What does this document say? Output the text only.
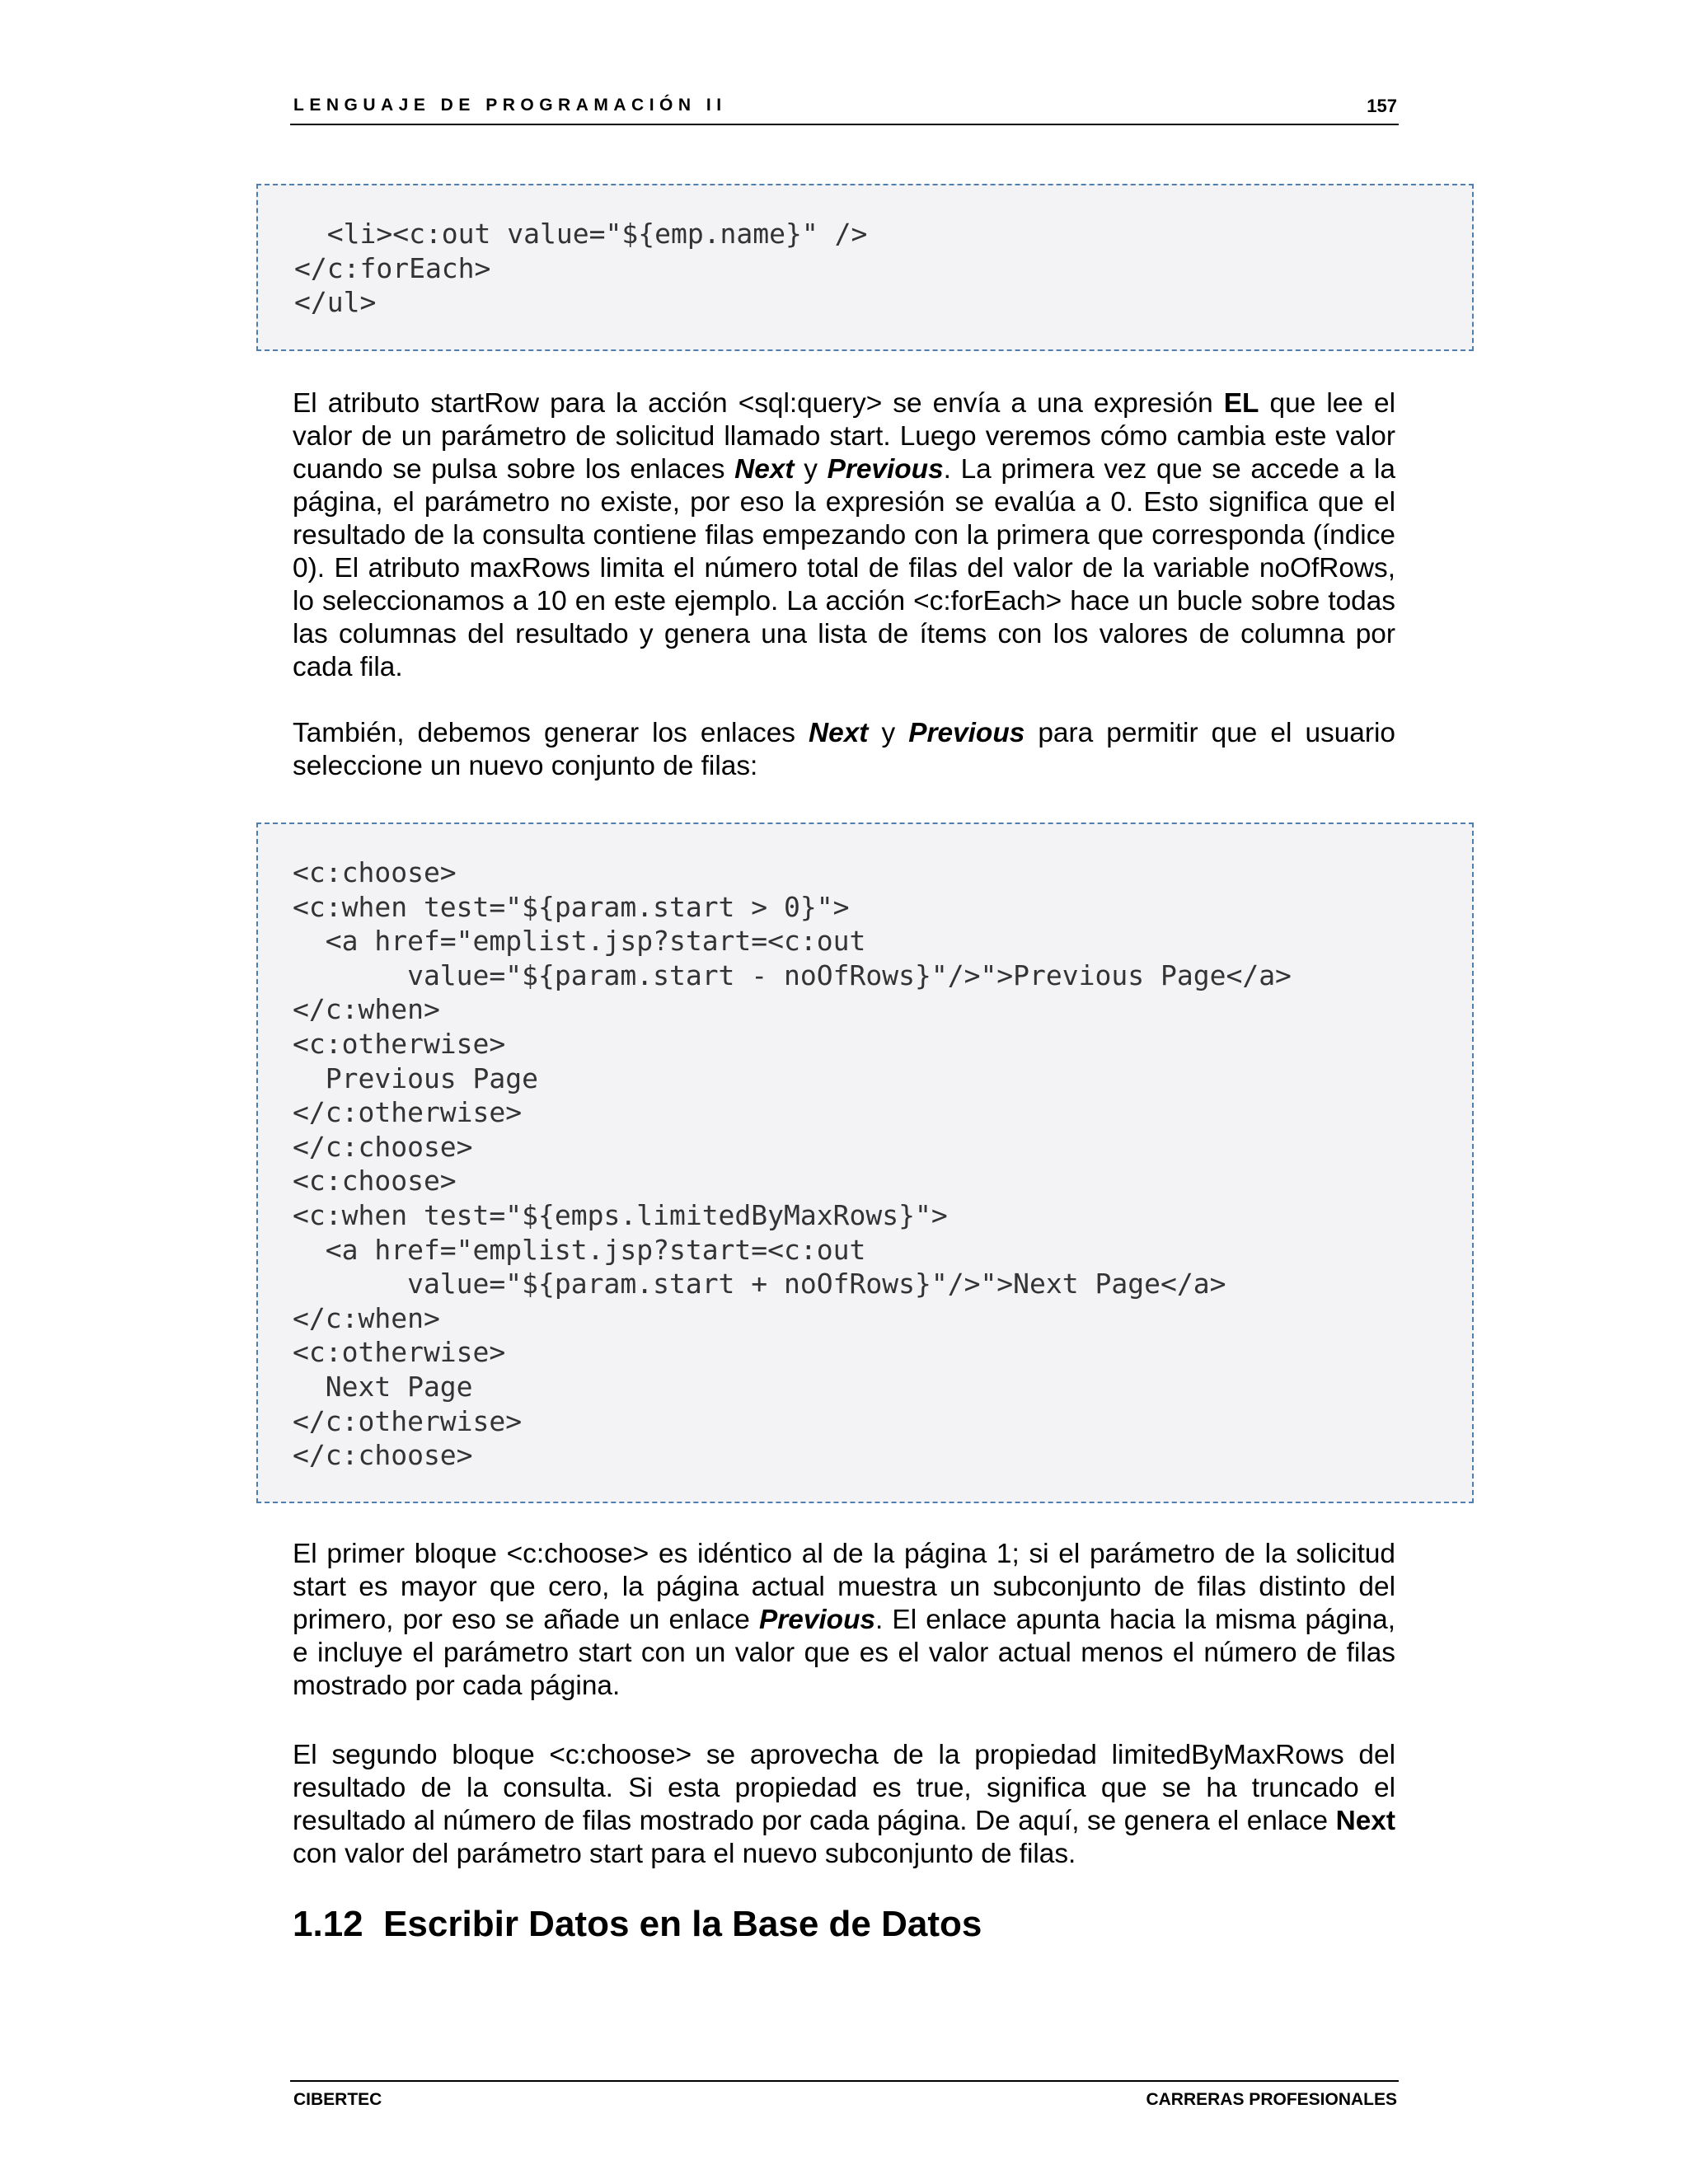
LENGUAJE DE PROGRAMACIÓN II	157
<li><c:out value="${emp.name}" />
</c:forEach>
</ul>

El atributo startRow para la acción <sql:query> se envía a una expresión EL que lee el valor de un parámetro de solicitud llamado start. Luego veremos cómo cambia este valor cuando se pulsa sobre los enlaces Next y Previous. La primera vez que se accede a la página, el parámetro no existe, por eso la expresión se evalúa a 0. Esto significa que el resultado de la consulta contiene filas empezando con la primera que corresponda (índice 0). El atributo maxRows limita el número total de filas del valor de la variable noOfRows, lo seleccionamos a 10 en este ejemplo. La acción <c:forEach> hace un bucle sobre todas las columnas del resultado y genera una lista de ítems con los valores de columna por cada fila.

También, debemos generar los enlaces Next y Previous para permitir que el usuario seleccione un nuevo conjunto de filas:

<c:choose>
<c:when test="${param.start > 0}">
<a href="emplist.jsp?start=<c:out
value="${param.start - noOfRows}"/>">Previous Page</a>
</c:when>
<c:otherwise>
Previous Page
</c:otherwise>
</c:choose>
<c:choose>
<c:when test="${emps.limitedByMaxRows}">
<a href="emplist.jsp?start=<c:out
value="${param.start + noOfRows}"/>">Next Page</a>
</c:when>
<c:otherwise>
Next Page
</c:otherwise>
</c:choose>

El primer bloque <c:choose> es idéntico al de la página 1; si el parámetro de la solicitud start es mayor que cero, la página actual muestra un subconjunto de filas distinto del primero, por eso se añade un enlace Previous. El enlace apunta hacia la misma página, e incluye el parámetro start con un valor que es el valor actual menos el número de filas mostrado por cada página.

El segundo bloque <c:choose> se aprovecha de la propiedad limitedByMaxRows del resultado de la consulta. Si esta propiedad es true, significa que se ha truncado el resultado al número de filas mostrado por cada página. De aquí, se genera el enlace Next con valor del parámetro start para el nuevo subconjunto de filas.

1.12  Escribir Datos en la Base de Datos
CIBERTEC	CARRERAS PROFESIONALES
